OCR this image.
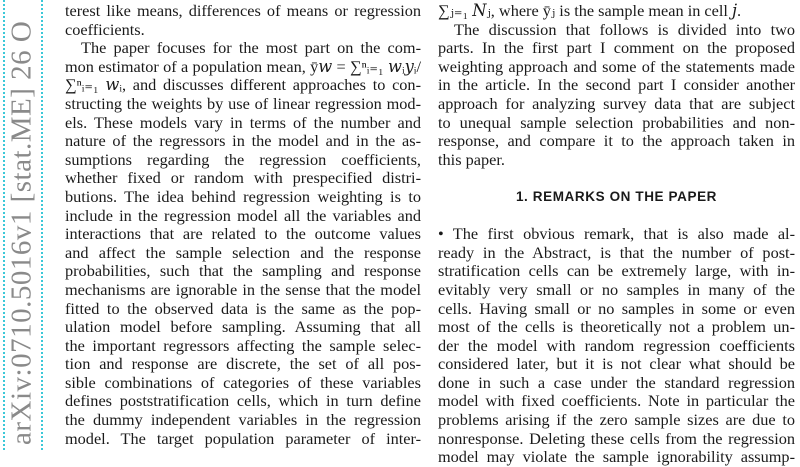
arXiv:0710.5016v1 [stat.ME] 26 O
terest like means, differences of means or regression
coefficients.
The paper focuses for the most part on the com-
mon estimator of a population mean, ȳ𝑤 = ∑ⁿᵢ₌₁ 𝑤ᵢ𝑦ᵢ/
∑ⁿᵢ₌₁ 𝑤ᵢ, and discusses different approaches to con-
structing the weights by use of linear regression mod-
els. These models vary in terms of the number and
nature of the regressors in the model and in the as-
sumptions regarding the regression coefficients,
whether fixed or random with prespecified distri-
butions. The idea behind regression weighting is to
include in the regression model all the variables and
interactions that are related to the outcome values
and affect the sample selection and the response
probabilities, such that the sampling and response
mechanisms are ignorable in the sense that the model
fitted to the observed data is the same as the pop-
ulation model before sampling. Assuming that all
the important regressors affecting the sample selec-
tion and response are discrete, the set of all pos-
sible combinations of categories of these variables
defines poststratification cells, which in turn define
the dummy independent variables in the regression
model. The target population parameter of inter-
∑ⱼ₌₁ 𝑁ⱼ, where ȳⱼ is the sample mean in cell 𝑗.
The discussion that follows is divided into two
parts. In the first part I comment on the proposed
weighting approach and some of the statements made
in the article. In the second part I consider another
approach for analyzing survey data that are subject
to unequal sample selection probabilities and non-
response, and compare it to the approach taken in
this paper.
1. REMARKS ON THE PAPER
• The first obvious remark, that is also made al-
ready in the Abstract, is that the number of post-
stratification cells can be extremely large, with in-
evitably very small or no samples in many of the
cells. Having small or no samples in some or even
most of the cells is theoretically not a problem un-
der the model with random regression coefficients
considered later, but it is not clear what should be
done in such a case under the standard regression
model with fixed coefficients. Note in particular the
problems arising if the zero sample sizes are due to
nonresponse. Deleting these cells from the regression
model may violate the sample ignorability assump-
